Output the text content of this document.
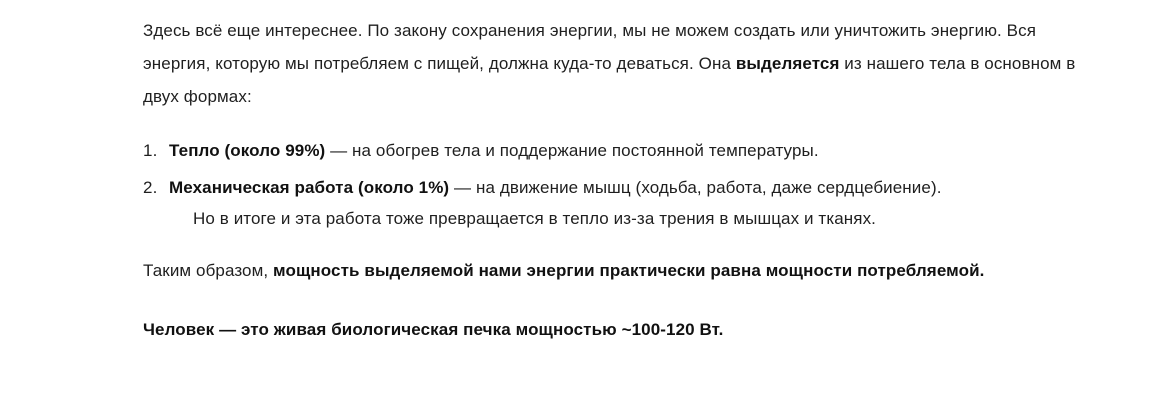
Здесь всё еще интереснее. По закону сохранения энергии, мы не можем создать или уничтожить энергию. Вся энергия, которую мы потребляем с пищей, должна куда-то деваться. Она выделяется из нашего тела в основном в двух формах:

Тепло (около 99%) — на обогрев тела и поддержание постоянной температуры.
Механическая работа (около 1%) — на движение мышц (ходьба, работа, даже сердцебиение).
Но в итоге и эта работа тоже превращается в тепло из-за трения в мышцах и тканях.

Таким образом, мощность выделяемой нами энергии практически равна мощности потребляемой.

Человек — это живая биологическая печка мощностью ~100-120 Вт.
